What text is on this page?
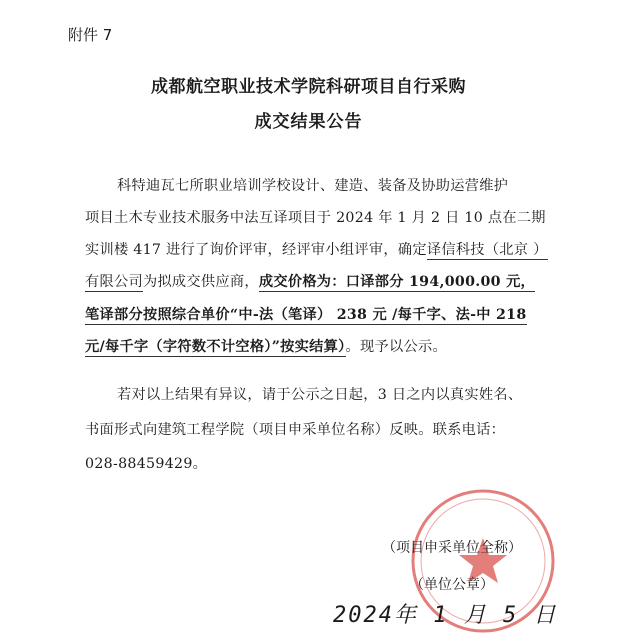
附件 7
成都航空职业技术学院科研项目自行采购
成交结果公告
科特迪瓦七所职业培训学校设计、建造、装备及协助运营维护
项目土木专业技术服务中法互译项目于 2024 年 1 月 2 日 10 点在二期
实训楼 417 进行了询价评审，经评审小组评审，确定译信科技（北京 ）
有限公司为拟成交供应商，成交价格为：口译部分 194,000.00 元，
笔译部分按照综合单价“中-法（笔译） 238 元 /每千字、法-中 218
元/每千字（字符数不计空格）”按实结算）。现予以公示。
若对以上结果有异议，请于公示之日起，3 日之内以真实姓名、
书面形式向建筑工程学院（项目申采单位名称）反映。联系电话：
028-88459429。
（项目申采单位全称）
（单位公章）
2024年 1 月 5 日
